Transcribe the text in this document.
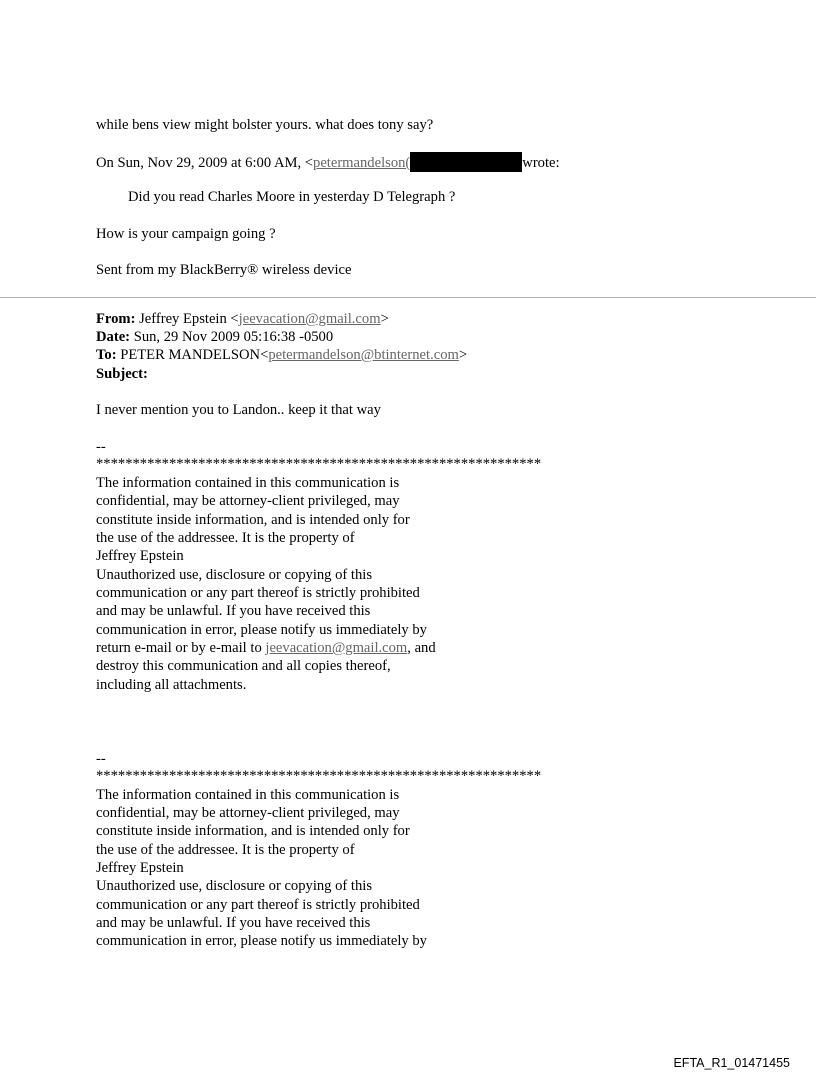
while bens view might bolster yours. what does tony say?
On Sun, Nov 29, 2009 at 6:00 AM, <petermandelson(	wrote:
Did you read Charles Moore in yesterday D Telegraph ?
How is your campaign going ?
Sent from my BlackBerry® wireless device
From: Jeffrey Epstein <jeevacation@gmail.com>
Date: Sun, 29 Nov 2009 05:16:38 -0500
To: PETER MANDELSON<petermandelson@btinternet.com>
Subject:
I never mention you to Landon.. keep it that way
--
*************************************************************
The information contained in this communication is
confidential, may be attorney-client privileged, may
constitute inside information, and is intended only for
the use of the addressee. It is the property of
Jeffrey Epstein
Unauthorized use, disclosure or copying of this
communication or any part thereof is strictly prohibited
and may be unlawful. If you have received this
communication in error, please notify us immediately by
return e-mail or by e-mail to jeevacation@gmail.com, and
destroy this communication and all copies thereof,
including all attachments.
--
*************************************************************
The information contained in this communication is
confidential, may be attorney-client privileged, may
constitute inside information, and is intended only for
the use of the addressee. It is the property of
Jeffrey Epstein
Unauthorized use, disclosure or copying of this
communication or any part thereof is strictly prohibited
and may be unlawful. If you have received this
communication in error, please notify us immediately by
EFTA_R1_01471455
